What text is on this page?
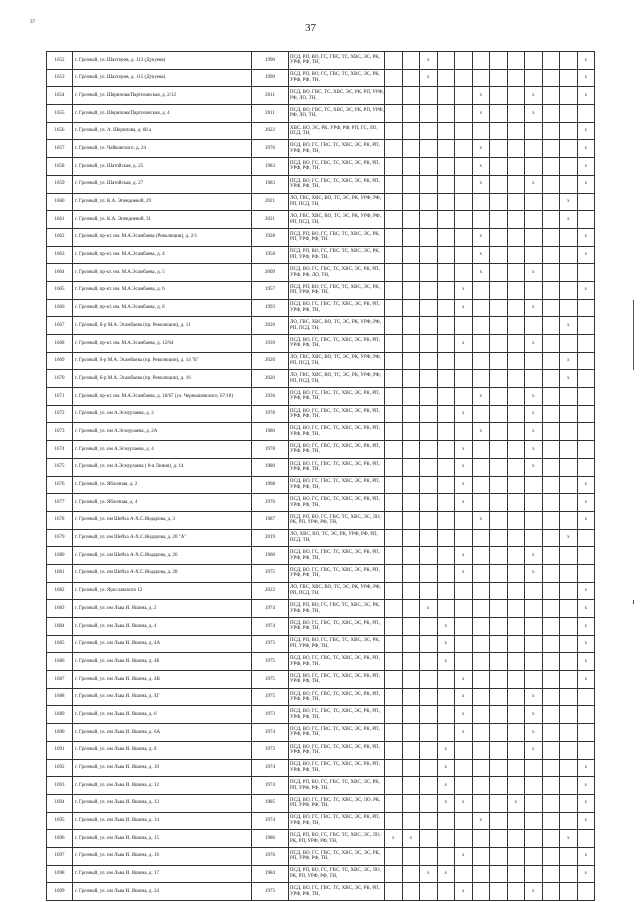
37	37
1652	г. Грозный, ул. Шахтеров, д. 113 (Дукуева)	1990	ПСД, РП, ВО, ГС, ГВС, ТС, ХВС, ЭС, РК, УРФ, РФ, ТН,			x									x
1653	г. Грозный, ул. Шахтеров, д. 115 (Дукуева)	1990	ПСД, РП, ВО, ГС, ГВС, ТС, ХВС, ЭС, РК, УРФ, РФ, ТН,			x									x
1654	г. Грозный, ул. Шерипова/Партизанская, д. 2/12	2011	ПСД, ВО, ГВС, ТС, ХВС, ЭС, РК, РП, УРФ, РФ, ЛО, ТН,						x			x			x
1655	г. Грозный, ул. Шерипова/Партизанская, д. 4	2011	ПСД, ВО, ГВС, ТС, ХВС, ЭС, РК, РП, УРФ, РФ, ЛО, ТН,						x			x			
1656	г. Грозный, ул. А. Шерипова, д. 68 а	2022	ХВС, ВО, ЭС, РК, УРФ, РФ, РП, ГС, ЛО, ПСД, ТН,												x
1657	г. Грозный, ул. Чайковского, д. 24	1976	ПСД, ВО, ГС, ГВС, ТС, ХВС, ЭС, РК, РП, УРФ, РФ, ТН,						x						x
1658	г. Грозный, ул. Шатойская, д. 25	1983	ПСД, ВО, ГС, ГВС, ТС, ХВС, ЭС, РК, РП, УРФ, РФ, ТН,						x						x
1659	г. Грозный, ул. Шатойская, д. 27	1983	ПСД, ВО, ГС, ГВС, ТС, ХВС, ЭС, РК, РП, УРФ, РФ, ТН,						x			x			x
1660	г. Грозный, ул. К.А. Эпендиевой, 29	2021	ЛО, ГВС, ХВС, ВО, ТС, ЭС, РК, УРФ, РФ, РП, ПСД, ТН,											x	
1661	г. Грозный, ул. К.А. Эпендиевой, 31	2021	ЛО, ГВС, ХВС, ВО, ТС, ЭС, РК, УРФ, РФ, РП, ПСД, ТН,											x	
1662	г. Грозный, пр-кт. им. М.А.Эсамбаева (Революции), д. 2/1	1928	ПСД, РП, ВО, ГС, ГВС, ТС, ХВС, ЭС, РК, РП, УРФ, РФ, ТН,						x						x
1663	г. Грозный, пр-кт. им. М.А.Эсамбаева, д. 4	1958	ПСД, РП, ВО, ГС, ГВС, ТС, ХВС, ЭС, РК, РП, УРФ, РФ, ТН,						x						x
1664	г. Грозный, пр-кт. им. М.А.Эсамбаева, д. 5	2009	ПСД, ВО, ГС, ГВС, ТС, ХВС, ЭС, РК, РП, УРФ, РФ, ЛО, ТН,						x			x			
1665	г. Грозный, пр-кт. им. М.А.Эсамбаева, д. 6	1957	ПСД, РП, ВО, ГС, ГВС, ТС, ХВС, ЭС, РК, РП, УРФ, РФ, ТН,					x							x
1666	г. Грозный, пр-кт. им. М.А.Эсамбаева, д. 8	1993	ПСД, ВО, ГС, ГВС, ТС, ХВС, ЭС, РК, РП, УРФ, РФ, ТН,					x				x			
1667	г. Грозный, б-р М.А. Эсамбаева (пр. Революции), д. 11	2020	ЛО, ГВС, ХВС, ВО, ТС, ЭС, РК, УРФ, РФ, РП, ПСД, ТН,											x	
1668	г. Грозный, пр-кт. им. М.А.Эсамбаева, д. 12/64	1939	ПСД, ВО, ГС, ГВС, ТС, ХВС, ЭС, РК, РП, УРФ, РФ, ТН,					x				x			
1669	г. Грозный, б-р М.А. Эсамбаева (пр. Революции), д. 14 "Б"	2020	ЛО, ГВС, ХВС, ВО, ТС, ЭС, РК, УРФ, РФ, РП, ПСД, ТН,											x	
1670	г. Грозный, б-р М.А. Эсамбаева (пр. Революции), д. 16	2020	ЛО, ГВС, ХВС, ВО, ТС, ЭС, РК, УРФ, РФ, РП, ПСД, ТН,											x	
1671	г. Грозный, пр-кт. им. М.А.Эсамбаева, д. 18/67 (ул. Чернышевского, 67/18)	1936	ПСД, ВО, ГС, ГВС, ТС, ХВС, ЭС, РК, РП, УРФ, РФ, ТН,						x			x			
1672	г. Грозный, ул. им А.Эсмурзаева, д. 2	1978	ПСД, ВО, ГС, ГВС, ТС, ХВС, ЭС, РК, РП, УРФ, РФ, ТН,					x				x			
1673	г. Грозный, ул. им А.Эсмурзаева, д. 2А	1980	ПСД, ВО, ГС, ГВС, ТС, ХВС, ЭС, РК, РП, УРФ, РФ, ТН,						x			x			
1674	г. Грозный, ул. им А.Эсмурзаева, д. 4	1978	ПСД, ВО, ГС, ГВС, ТС, ХВС, ЭС, РК, РП, УРФ, РФ, ТН,					x				x			
1675	г. Грозный, ул. им А.Эсмурзаева ( 8-я Линия), д. 14	1980	ПСД, ВО, ГС, ГВС, ТС, ХВС, ЭС, РК, РП, УРФ, РФ, ТН,					x				x			
1676	г. Грозный, ул. Яблочная, д. 2	1968	ПСД, ВО, ГС, ГВС, ТС, ХВС, ЭС, РК, РП, УРФ, РФ, ТН,					x							x
1677	г. Грозный, ул. Яблочная, д. 4	1976	ПСД, ВО, ГС, ГВС, ТС, ХВС, ЭС, РК, РП, УРФ, РФ, ТН,					x							x
1678	г. Грозный, ул. им Шейха А-Х.С.Яндарова, д. 3	1987	ПСД, РП, ВО, ГС, ГВС, ТС, ХВС, ЭС, ЛО, РК, РП, УРФ, РФ, ТН,						x						x
1679	г. Грозный, ул. им Шейха А-Х.С.Яндарова, д. 20 "А"	2019	ЛО, ХВС, ВО, ТС, ЭС, РК, УРФ, РФ, РП, ПСД, ТН,											x	
1680	г. Грозный, ул. им Шейха А-Х.С.Яндарова, д. 26	1960	ПСД, ВО, ГС, ГВС, ТС, ХВС, ЭС, РК, РП, УРФ, РФ, ТН,					x				x			
1681	г. Грозный, ул. им Шейха А-Х.С.Яндарова, д. 28	1975	ПСД, ВО, ГС, ГВС, ТС, ХВС, ЭС, РК, РП, УРФ, РФ, ТН,					x				x			
1682	г. Грозный, ул. Ярославского 12	2022	ЛО, ГВС, ХВС, ВО, ТС, ЭС, РК, УРФ, РФ, РП, ПСД, ТН,												x
1683	г. Грозный, ул. им Льва И. Яшина, д. 2	1974	ПСД, РП, ВО, ГС, ГВС, ТС, ХВС, ЭС, РК, УРФ, РФ, ТН,			x									x
1684	г. Грозный, ул. им Льва И. Яшина, д. 4	1974	ПСД, ВО, ГС, ГВС, ТС, ХВС, ЭС, РК, РП, УРФ, РФ, ТН,				x								x
1685	г. Грозный, ул. им Льва И. Яшина, д. 4А	1973	ПСД, РП, ВО, ГС, ГВС, ТС, ХВС, ЭС, РК, РП, УРФ, РФ, ТН,				x								x
1686	г. Грозный, ул. им Льва И. Яшина, д. 4Б	1975	ПСД, ВО, ГС, ГВС, ТС, ХВС, ЭС, РК, РП, УРФ, РФ, ТН,				x								x
1687	г. Грозный, ул. им Льва И. Яшина, д. 4В	1975	ПСД, ВО, ГС, ГВС, ТС, ХВС, ЭС, РК, РП, УРФ, РФ, ТН,					x							x
1688	г. Грозный, ул. им Льва И. Яшина, д. 4Г	1975	ПСД, ВО, ГС, ГВС, ТС, ХВС, ЭС, РК, РП, УРФ, РФ, ТН,					x				x			
1689	г. Грозный, ул. им Льва И. Яшина, д. 6	1973	ПСД, ВО, ГС, ГВС, ТС, ХВС, ЭС, РК, РП, УРФ, РФ, ТН,					x				x			
1690	г. Грозный, ул. им Льва И. Яшина, д. 6А	1974	ПСД, ВО, ГС, ГВС, ТС, ХВС, ЭС, РК, РП, УРФ, РФ, ТН,					x				x			
1691	г. Грозный, ул. им Льва И. Яшина, д. 8	1973	ПСД, ВО, ГС, ГВС, ТС, ХВС, ЭС, РК, РП, УРФ, РФ, ТН,				x					x			
1692	г. Грозный, ул. им Льва И. Яшина, д. 10	1974	ПСД, ВО, ГС, ГВС, ТС, ХВС, ЭС, РК, РП, УРФ, РФ, ТН,				x								x
1693	г. Грозный, ул. им Льва И. Яшина, д. 12	1974	ПСД, РП, ВО, ГС, ГВС, ТС, ХВС, ЭС, РК, РП, УРФ, РФ, ТН,				x								x
1694	г. Грозный, ул. им Льва И. Яшина, д. 13	1985	ПСД, ВО, ГС, ГВС, ТС, ХВС, ЭС, ЛО, РК, РП, УРФ, РФ, ТН,				x	x			x				x
1695	г. Грозный, ул. им Льва И. Яшина, д. 14	1974	ПСД, ВО, ГС, ГВС, ТС, ХВС, ЭС, РК, РП, УРФ, РФ, ТН,						x						x
1696	г. Грозный, ул. им Льва И. Яшина, д. 15	1986	ПСД, РП, ВО, ГС, ГВС, ТС, ХВС, ЭС, ЛО, РК, РП, УРФ, РФ, ТН,	x	x									x	
1697	г. Грозный, ул. им Льва И. Яшина, д. 16	1976	ПСД, ВО, ГС, ГВС, ТС, ХВС, ЭС, ЭС, РК, РП, УРФ, РФ, ТН,					x							x
1698	г. Грозный, ул. им Льва И. Яшина, д. 17	1984	ПСД, РП, ВО, ГС, ГВС, ТС, ХВС, ЭС, ЛО, РК, РП, УРФ, РФ, ТН,			x	x								x
1699	г. Грозный, ул. им Льва И. Яшина, д. 24	1973	ПСД, ВО, ГС, ГВС, ТС, ХВС, ЭС, РК, РП, УРФ, РФ, ТН,					x				x			
